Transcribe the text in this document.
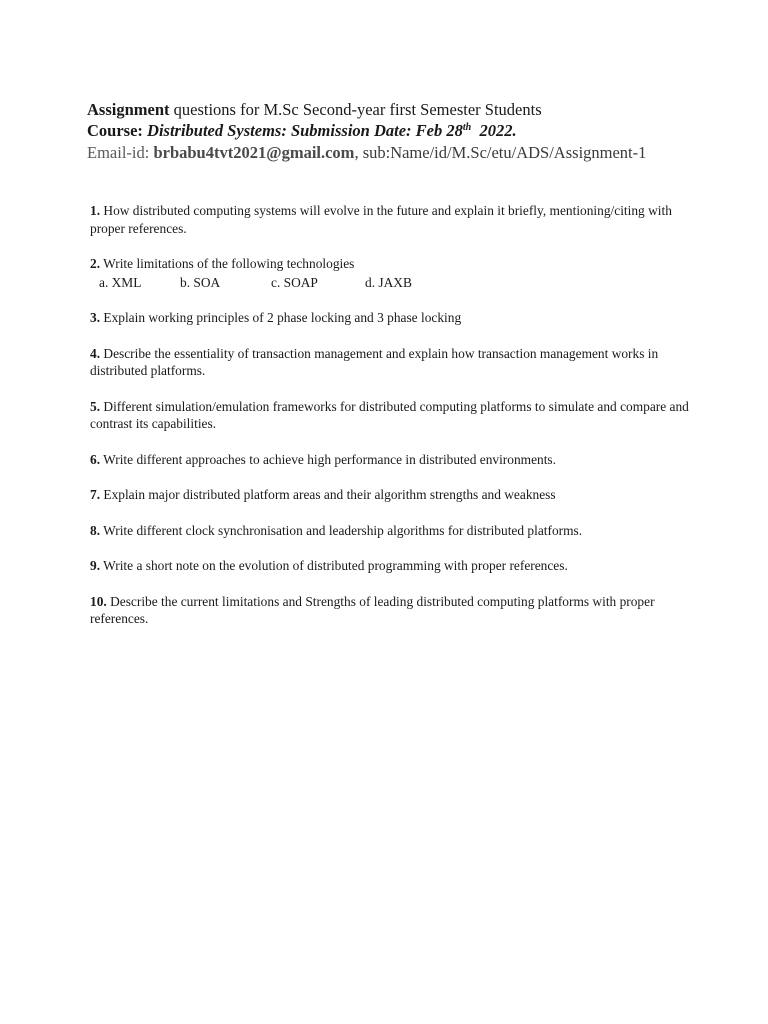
Assignment questions for M.Sc Second-year first Semester Students
Course: Distributed Systems: Submission Date: Feb 28th  2022.
Email-id: brbabu4tvt2021@gmail.com, sub:Name/id/M.Sc/etu/ADS/Assignment-1
1. How distributed computing systems will evolve in the future and explain it briefly, mentioning/citing with proper references.
2. Write limitations of the following technologies
a. XML	b. SOA	c. SOAP	d. JAXB
3. Explain working principles of 2 phase locking and 3 phase locking
4. Describe the essentiality of transaction management and explain how transaction management works in distributed platforms.
5. Different simulation/emulation frameworks for distributed computing platforms to simulate and compare and contrast its capabilities.
6. Write different approaches to achieve high performance in distributed environments.
7. Explain major distributed platform areas and their algorithm strengths and weakness
8. Write different clock synchronisation and leadership algorithms for distributed platforms.
9. Write a short note on the evolution of distributed programming with proper references.
10. Describe the current limitations and Strengths of leading distributed computing platforms with proper references.
